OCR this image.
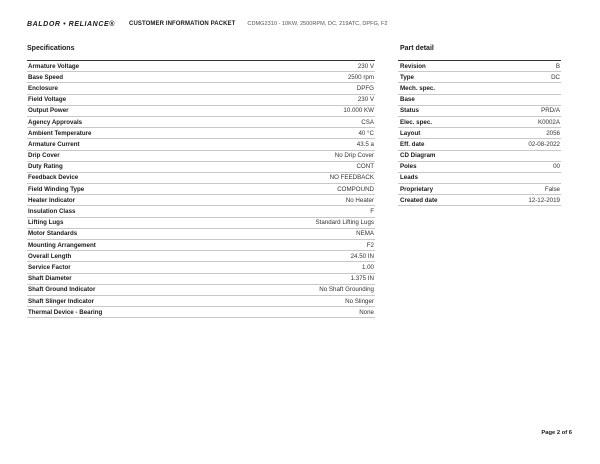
BALDOR • RELIANCE® CUSTOMER INFORMATION PACKET CDMG2310 - 10KW, 2500RPM, DC, 219ATC, DPFG, F2
Specifications	Part detail
Armature Voltage	230 V
Base Speed	2500 rpm
Enclosure	DPFG
Field Voltage	230 V
Output Power	10.000 KW
Agency Approvals	CSA
Ambient Temperature	40 °C
Armature Current	43.5 a
Drip Cover	No Drip Cover
Duty Rating	CONT
Feedback Device	NO FEEDBACK
Field Winding Type	COMPOUND
Heater Indicator	No Heater
Insulation Class	F
Lifting Lugs	Standard Lifting Lugs
Motor Standards	NEMA
Mounting Arrangement	F2
Overall Length	24.50 IN
Service Factor	1.00
Shaft Diameter	1.375 IN
Shaft Ground Indicator	No Shaft Grounding
Shaft Slinger Indicator	No Slinger
Thermal Device - Bearing	None
Revision	B
Type	DC
Mech. spec.
Base
Status	PRD/A
Elec. spec.	K0002A
Layout	2056
Eff. date	02-08-2022
CD Diagram
Poles	00
Leads
Proprietary	False
Created date	12-12-2019
Page 2 of 6
